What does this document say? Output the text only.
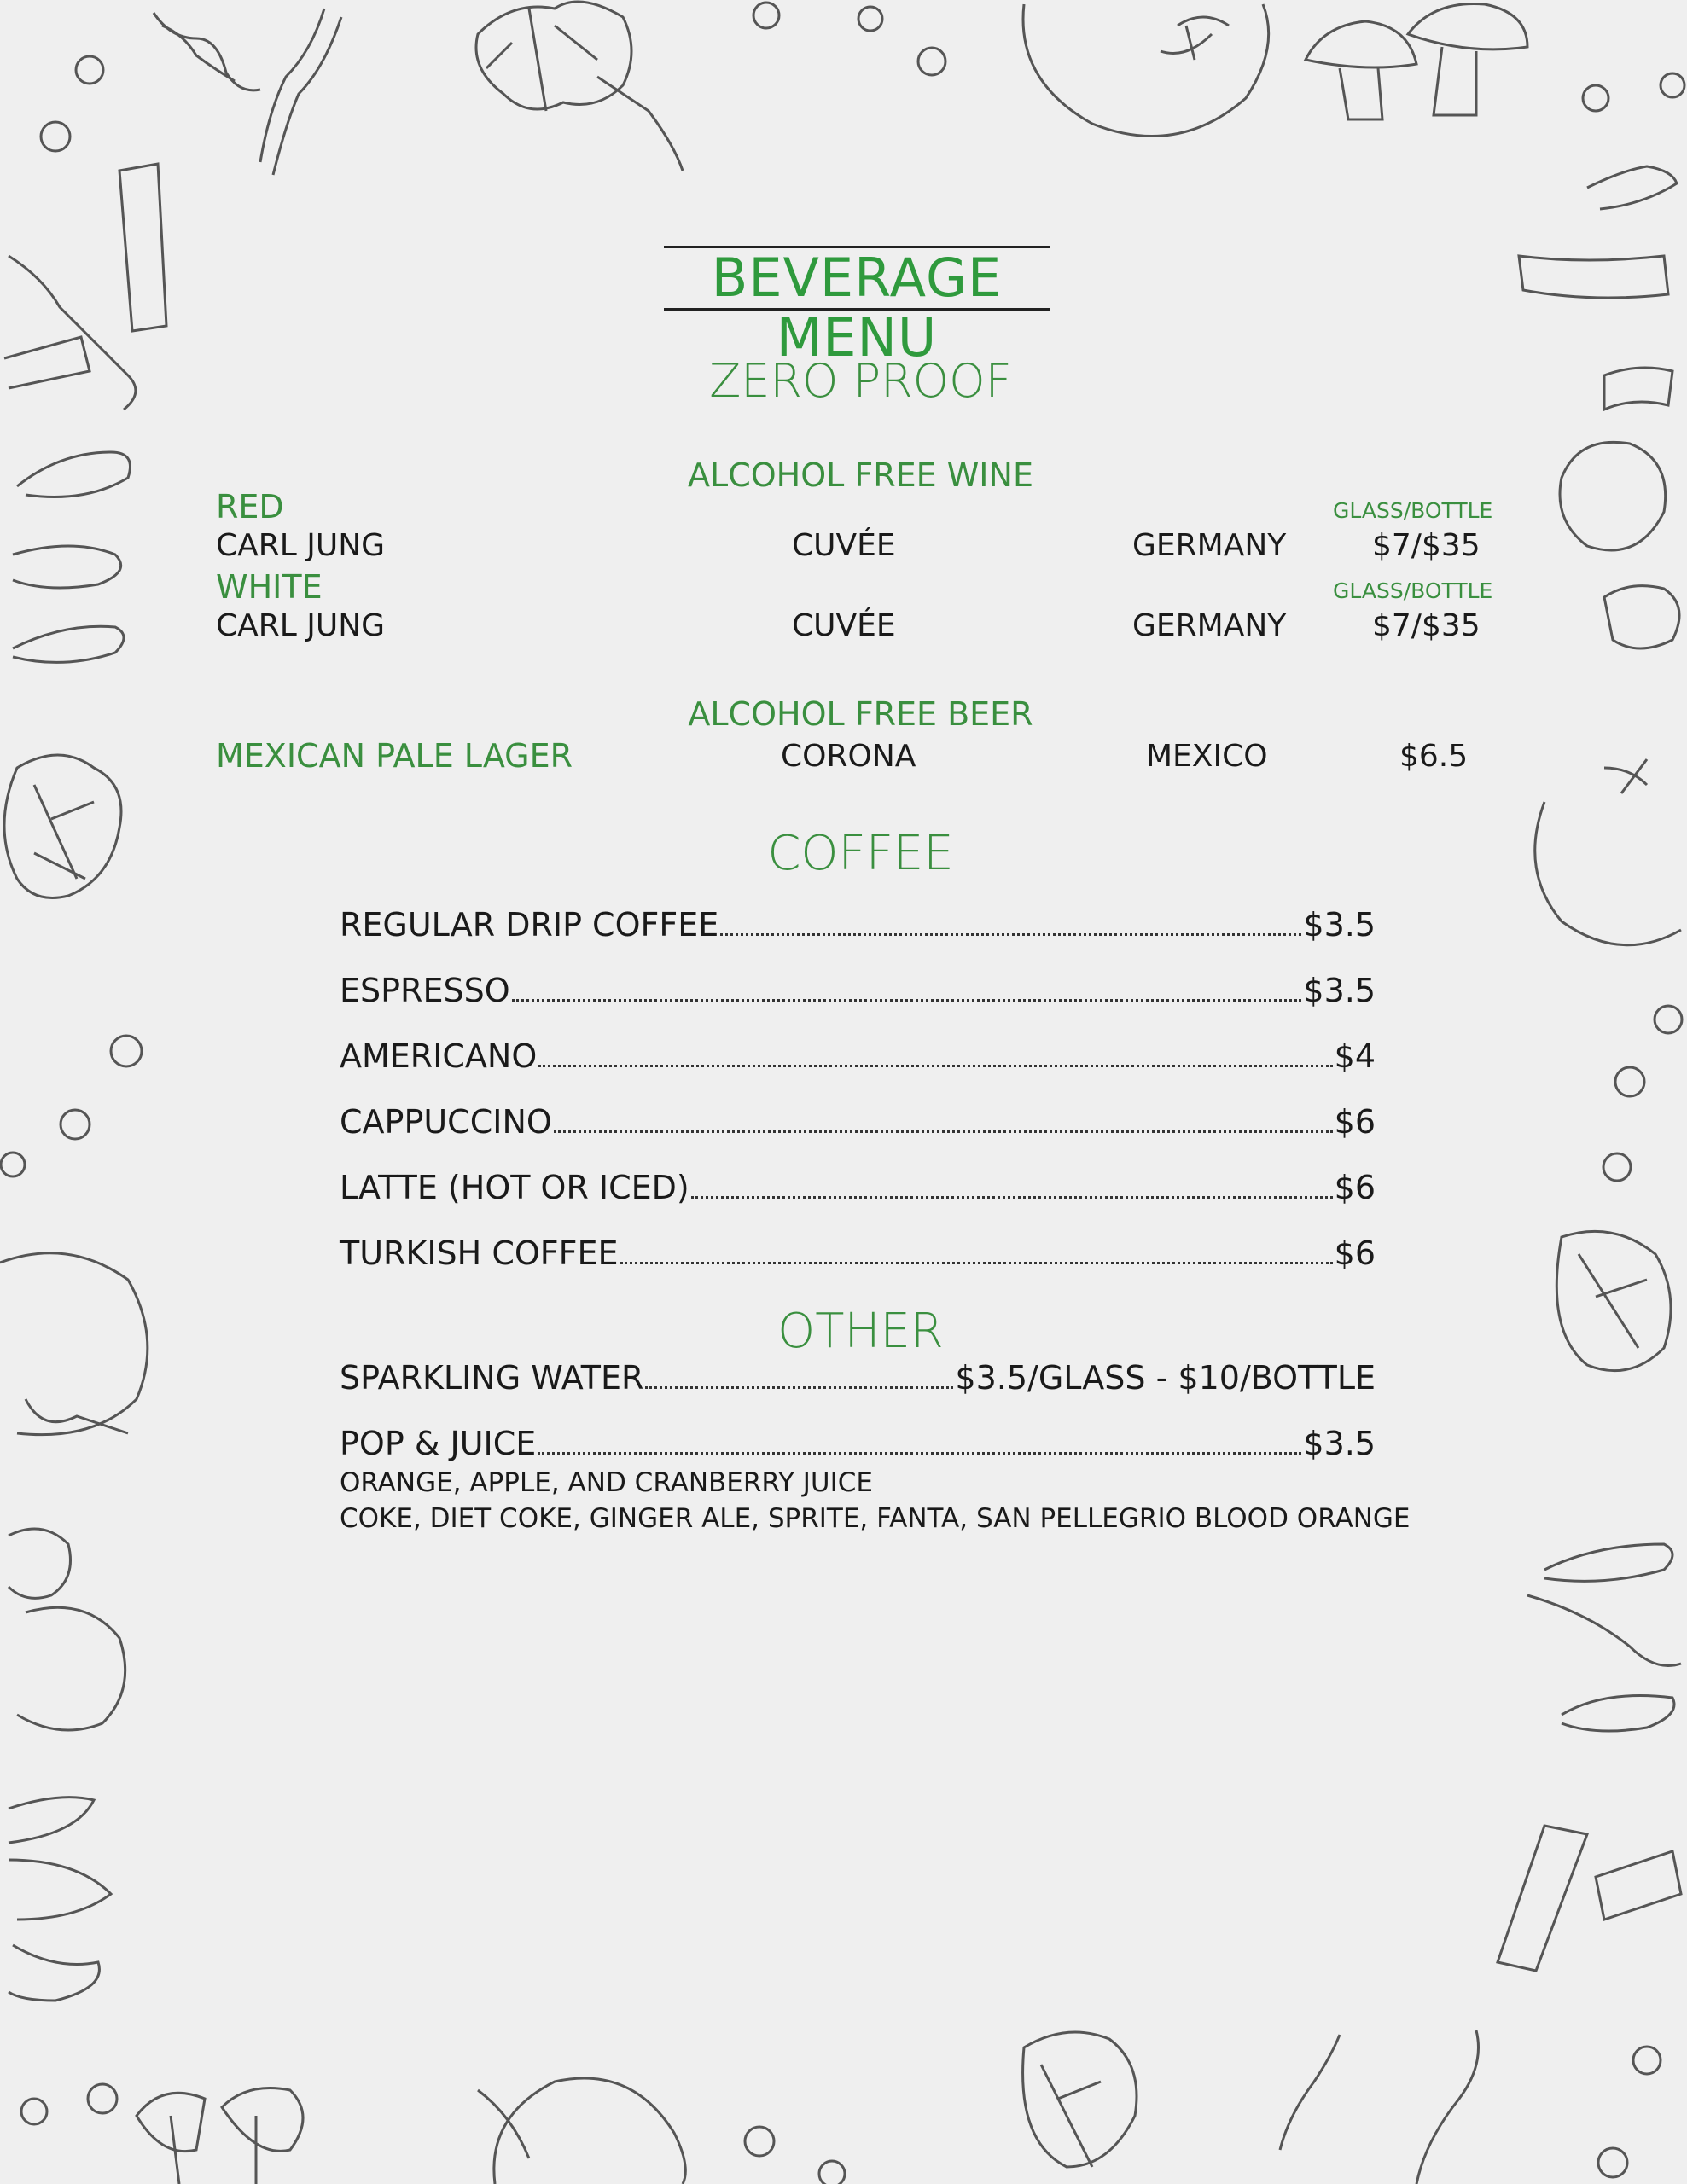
BEVERAGE MENU
ZERO PROOF
ALCOHOL FREE WINE
RED	GLASS/BOTTLE
CARL JUNG	CUVÉE	GERMANY	$7/$35
WHITE	GLASS/BOTTLE
CARL JUNG	CUVÉE	GERMANY	$7/$35
ALCOHOL FREE BEER
MEXICAN PALE LAGER	CORONA	MEXICO	$6.5
COFFEE
REGULAR DRIP COFFEE	$3.5
ESPRESSO	$3.5
AMERICANO	$4
CAPPUCCINO	$6
LATTE (HOT OR ICED)	$6
TURKISH COFFEE	$6
OTHER
SPARKLING WATER	$3.5/GLASS - $10/BOTTLE
POP & JUICE	$3.5
ORANGE, APPLE, AND CRANBERRY JUICE
COKE, DIET COKE, GINGER ALE, SPRITE, FANTA, SAN PELLEGRIO BLOOD ORANGE
